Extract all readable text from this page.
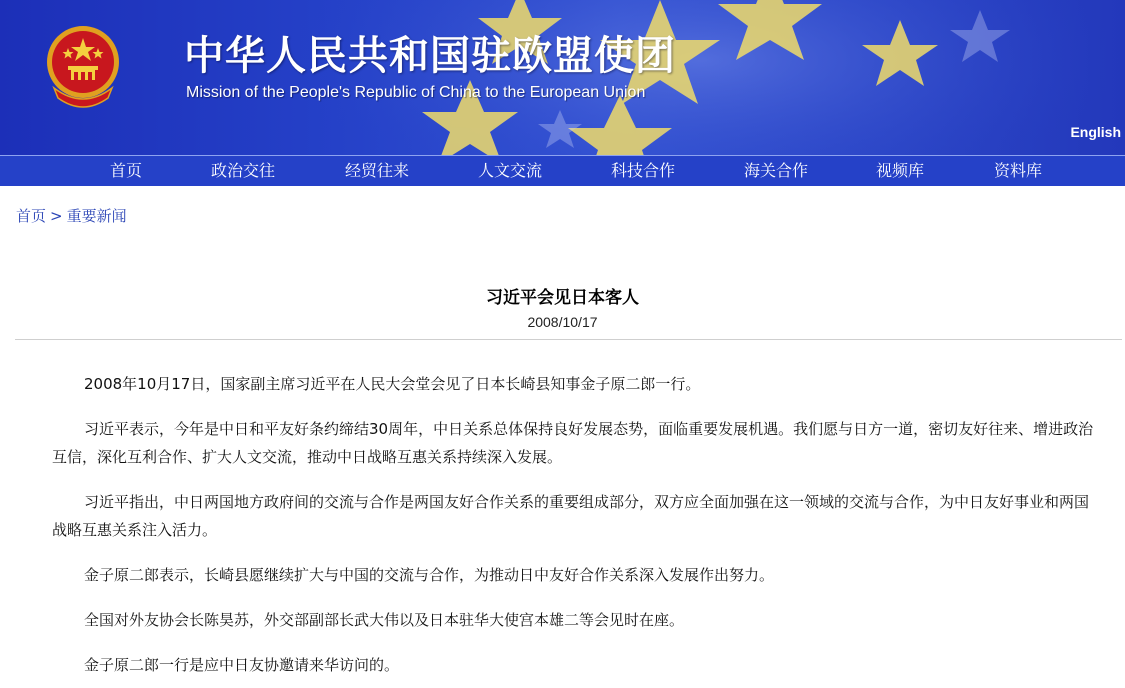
中华人民共和国驻欧盟使团
Mission of the People's Republic of China to the European Union
English
首页	政治交往	经贸往来	人文交流	科技合作	海关合作	视频库	资料库
首页 > 重要新闻
习近平会见日本客人
2008/10/17

2008年10月17日，国家副主席习近平在人民大会堂会见了日本长崎县知事金子原二郎一行。

习近平表示，今年是中日和平友好条约缔结30周年，中日关系总体保持良好发展态势，面临重要发展机遇。我们愿与日方一道，密切友好往来、增进政治互信，深化互利合作、扩大人文交流，推动中日战略互惠关系持续深入发展。

习近平指出，中日两国地方政府间的交流与合作是两国友好合作关系的重要组成部分，双方应全面加强在这一领域的交流与合作，为中日友好事业和两国战略互惠关系注入活力。

金子原二郎表示，长崎县愿继续扩大与中国的交流与合作，为推动日中友好合作关系深入发展作出努力。

全国对外友协会长陈昊苏，外交部副部长武大伟以及日本驻华大使宫本雄二等会见时在座。

金子原二郎一行是应中日友协邀请来华访问的。
